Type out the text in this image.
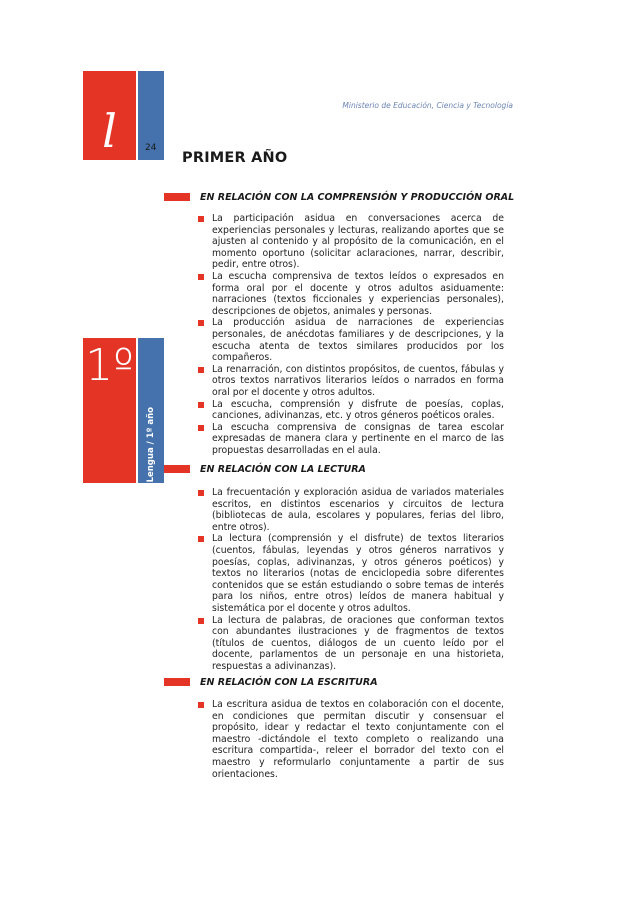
l	24
Ministerio de Educación, Ciencia y Tecnología
1º
Lengua / 1º año
PRIMER AÑO
EN RELACIÓN CON LA COMPRENSIÓN Y PRODUCCIÓN ORAL
La participación asidua en conversaciones acerca de experiencias personales y lecturas, realizando aportes que se ajusten al contenido y al propósito de la comunicación, en el momento oportuno (solicitar aclaraciones, narrar, describir, pedir, entre otros).
La escucha comprensiva de textos leídos o expresados en forma oral por el docente y otros adultos asiduamente: narraciones (textos ficcionales y experiencias personales), descripciones de objetos, animales y personas.
La producción asidua de narraciones de experiencias personales, de anécdotas familiares y de descripciones, y la escucha atenta de textos similares producidos por los compañeros.
La renarración, con distintos propósitos, de cuentos, fábulas y otros textos narrativos literarios leídos o narrados en forma oral por el docente y otros adultos.
La escucha, comprensión y disfrute de poesías, coplas, canciones, adivinanzas, etc. y otros géneros poéticos orales.
La escucha comprensiva de consignas de tarea escolar expresadas de manera clara y pertinente en el marco de las propuestas desarrolladas en el aula.
EN RELACIÓN CON LA LECTURA
La frecuentación y exploración asidua de variados materiales escritos, en distintos escenarios y circuitos de lectura (bibliotecas de aula, escolares y populares, ferias del libro, entre otros).
La lectura (comprensión y el disfrute) de textos literarios (cuentos, fábulas, leyendas y otros géneros narrativos y poesías, coplas, adivinanzas, y otros géneros poéticos) y textos no literarios (notas de enciclopedia sobre diferentes contenidos que se están estudiando o sobre temas de interés para los niños, entre otros) leídos de manera habitual y sistemática por el docente y otros adultos.
La lectura de palabras, de oraciones que conforman textos con abundantes ilustraciones y de fragmentos de textos (títulos de cuentos, diálogos de un cuento leído por el docente, parlamentos de un personaje en una historieta, respuestas a adivinanzas).
EN RELACIÓN CON LA ESCRITURA
La escritura asidua de textos en colaboración con el docente, en condiciones que permitan discutir y consensuar el propósito, idear y redactar el texto conjuntamente con el maestro -dictándole el texto completo o realizando una escritura compartida-, releer el borrador del texto con el maestro y reformularlo conjuntamente a partir de sus orientaciones.
